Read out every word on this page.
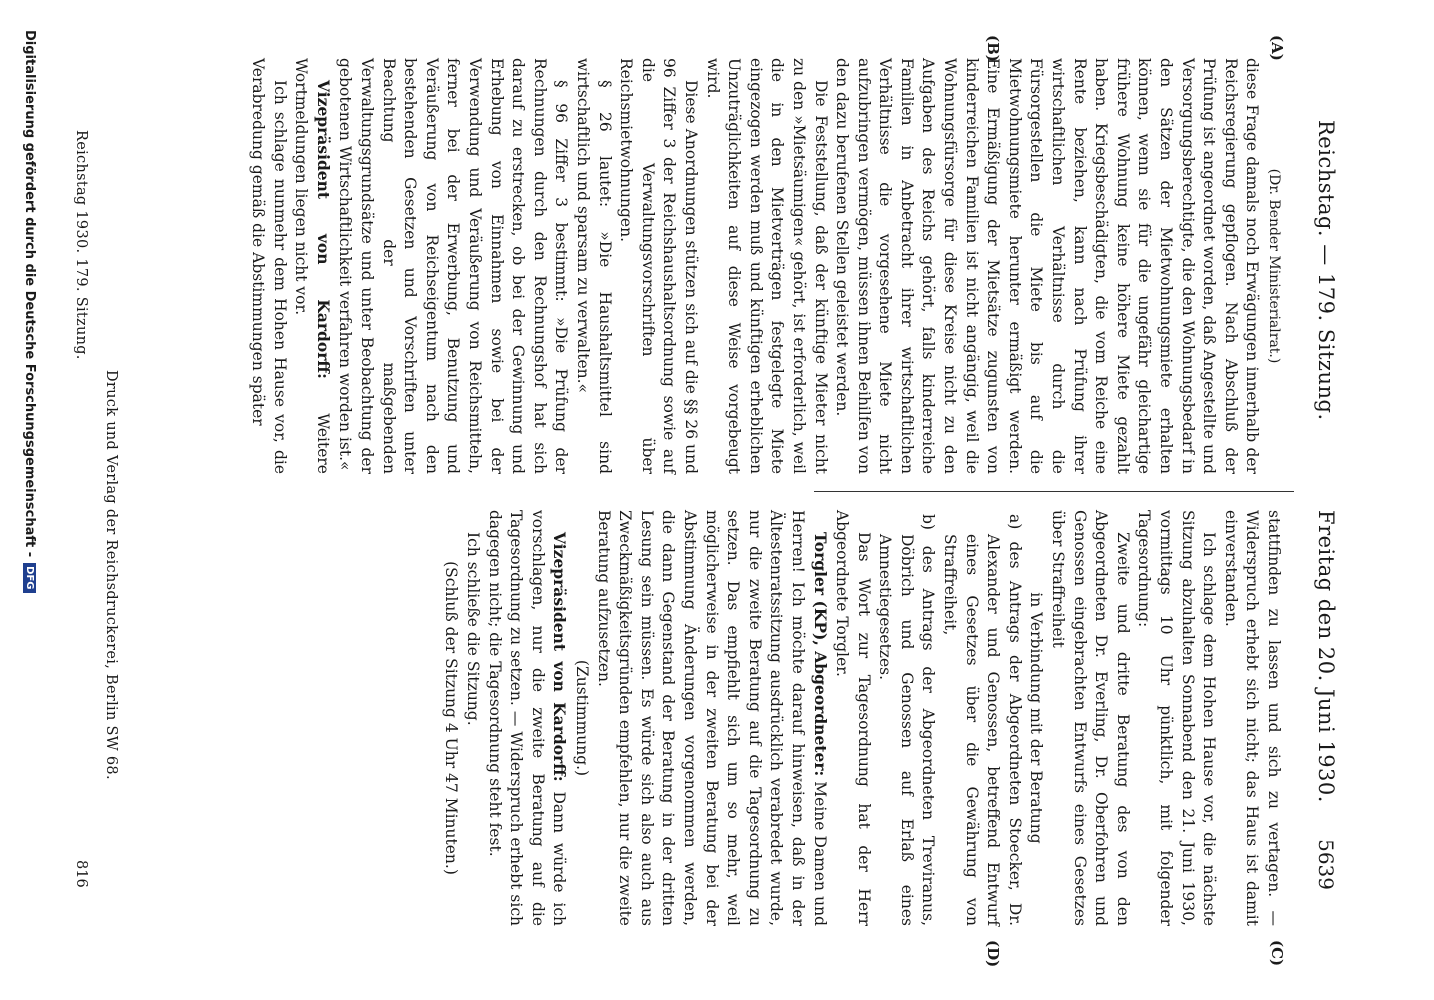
Reichstag. — 179. Sitzung.
Freitag den 20. Juni 1930.
5639
(A)
(B)
(C)
(D)

(Dr. Bender Ministerialrat.)

diese Frage damals noch Erwägungen innerhalb der Reichsregierung gepflogen. Nach Abschluß der Prüfung ist angeordnet worden, daß Angestellte und Versorgungsberechtigte, die den Wohnungsbedarf in den Sätzen der Mietwohnungsmiete erhalten können, wenn sie für die ungefähr gleichartige frühere Wohnung keine höhere Miete gezahlt haben. Kriegsbeschädigten, die vom Reiche eine Rente beziehen, kann nach Prüfung ihrer wirtschaftlichen Verhältnisse durch die Fürsorgestellen die Miete bis auf die Mietwohnungsmiete herunter ermäßigt werden. Eine Ermäßigung der Mietsätze zugunsten von kinderreichen Familien ist nicht angängig, weil die Wohnungsfürsorge für diese Kreise nicht zu den Aufgaben des Reichs gehört, falls kinderreiche Familien in Anbetracht ihrer wirtschaftlichen Verhältnisse die vorgesehene Miete nicht aufzubringen vermögen, müssen ihnen Beihilfen von den dazu berufenen Stellen geleistet werden.

Die Feststellung, daß der künftige Mieter nicht zu den »Mietsäumigen« gehört, ist erforderlich, weil die in den Mietverträgen festgelegte Miete eingezogen werden muß und künftigen erheblichen Unzuträglichkeiten auf diese Weise vorgebeugt wird.

Diese Anordnungen stützen sich auf die §§ 26 und 96 Ziffer 3 der Reichshaushaltsordnung sowie auf die Verwaltungsvorschriften über Reichsmietwohnungen.

§ 26 lautet: »Die Haushaltsmittel sind wirtschaftlich und sparsam zu verwalten.«

§ 96 Ziffer 3 bestimmt: »Die Prüfung der Rechnungen durch den Rechnungshof hat sich darauf zu erstrecken, ob bei der Gewinnung und Erhebung von Einnahmen sowie bei der Verwendung und Veräußerung von Reichsmitteln, ferner bei der Erwerbung, Benutzung und Veräußerung von Reichseigentum nach den bestehenden Gesetzen und Vorschriften unter Beachtung der maßgebenden Verwaltungsgrundsätze und unter Beobachtung der gebotenen Wirtschaftlichkeit verfahren worden ist.«

Vizepräsident von Kardorff: Weitere Wortmeldungen liegen nicht vor.

Ich schlage nunmehr dem Hohen Hause vor, die Verabredung gemäß die Abstimmungen später

stattfinden zu lassen und sich zu vertagen. — Widerspruch erhebt sich nicht; das Haus ist damit einverstanden.

Ich schlage dem Hohen Hause vor, die nächste Sitzung abzuhalten Sonnabend den 21. Juni 1930, vormittags 10 Uhr pünktlich, mit folgender Tagesordnung:

Zweite und dritte Beratung des von den Abgeordneten Dr. Everling, Dr. Oberfohren und Genossen eingebrachten Entwurfs eines Gesetzes über Straffreiheit

in Verbindung mit der Beratung

a) des Antrags der Abgeordneten Stoecker, Dr. Alexander und Genossen, betreffend Entwurf eines Gesetzes über die Gewährung von Straffreiheit,

b) des Antrags der Abgeordneten Treviranus, Döbrich und Genossen auf Erlaß eines Amnestiegesetzes.

Das Wort zur Tagesordnung hat der Herr Abgeordnete Torgler.

Torgler (KP), Abgeordneter: Meine Damen und Herren! Ich möchte darauf hinweisen, daß in der Ältestenratssitzung ausdrücklich verabredet wurde, nur die zweite Beratung auf die Tagesordnung zu setzen. Das empfiehlt sich um so mehr, weil möglicherweise in der zweiten Beratung bei der Abstimmung Änderungen vorgenommen werden, die dann Gegenstand der Beratung in der dritten Lesung sein müssen. Es würde sich also auch aus Zweckmäßigkeitsgründen empfehlen, nur die zweite Beratung aufzusetzen.

(Zustimmung.)

Vizepräsident von Kardorff: Dann würde ich vorschlagen, nur die zweite Beratung auf die Tagesordnung zu setzen. — Widerspruch erhebt sich dagegen nicht; die Tagesordnung steht fest.

Ich schließe die Sitzung.

(Schluß der Sitzung 4 Uhr 47 Minuten.)

Druck und Verlag der Reichsdruckerei, Berlin SW 68.
Reichstag 1930. 179. Sitzung.
816
Digitalisierung gefördert durch die Deutsche Forschungsgemeinschaft -DFG
